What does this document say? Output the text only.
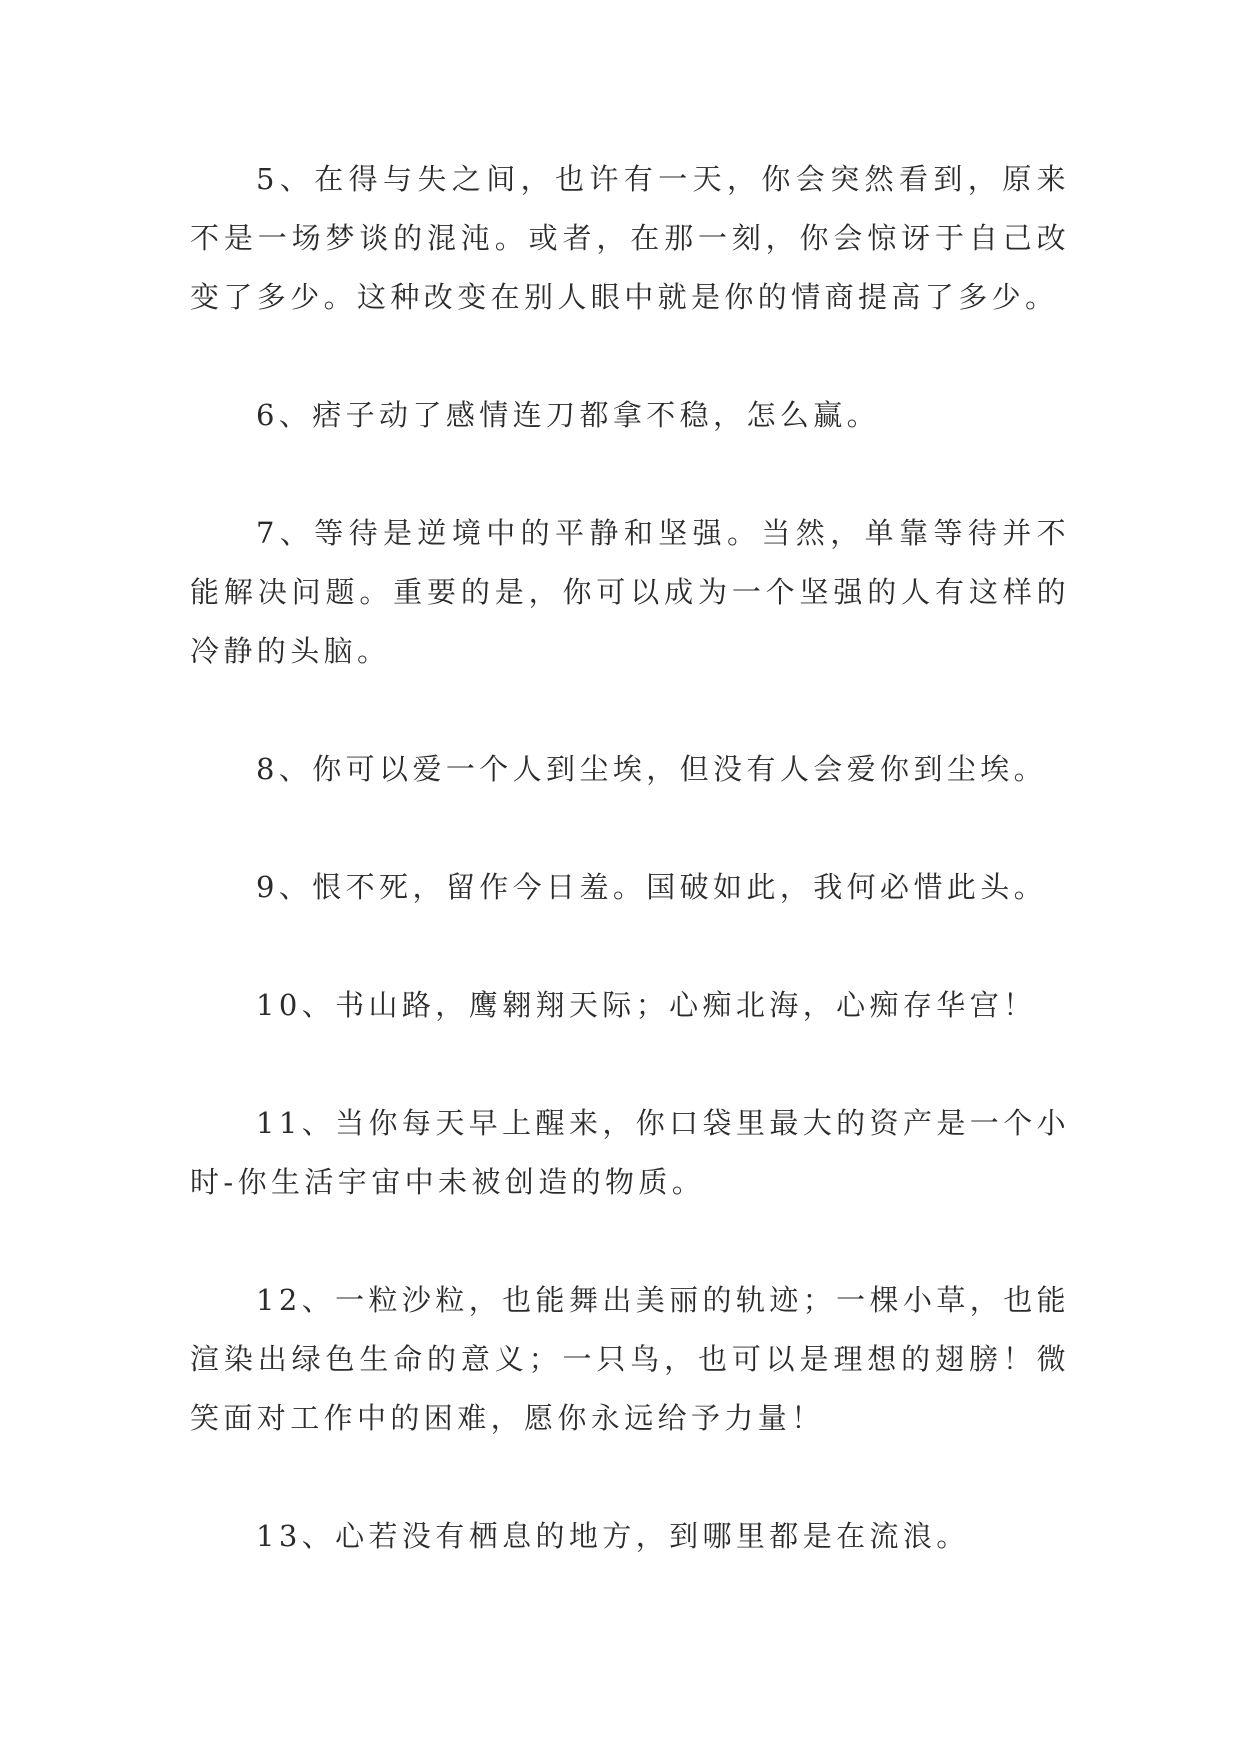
5、在得与失之间，也许有一天，你会突然看到，原来不是一场梦谈的混沌。或者，在那一刻，你会惊讶于自己改变了多少。这种改变在别人眼中就是你的情商提高了多少。

6、痞子动了感情连刀都拿不稳，怎么赢。

7、等待是逆境中的平静和坚强。当然，单靠等待并不能解决问题。重要的是，你可以成为一个坚强的人有这样的冷静的头脑。

8、你可以爱一个人到尘埃，但没有人会爱你到尘埃。

9、恨不死，留作今日羞。国破如此，我何必惜此头。

10、书山路，鹰翱翔天际；心痴北海，心痴存华宫！

11、当你每天早上醒来，你口袋里最大的资产是一个小时-你生活宇宙中未被创造的物质。

12、一粒沙粒，也能舞出美丽的轨迹；一棵小草，也能渲染出绿色生命的意义；一只鸟，也可以是理想的翅膀！微笑面对工作中的困难，愿你永远给予力量！

13、心若没有栖息的地方，到哪里都是在流浪。
